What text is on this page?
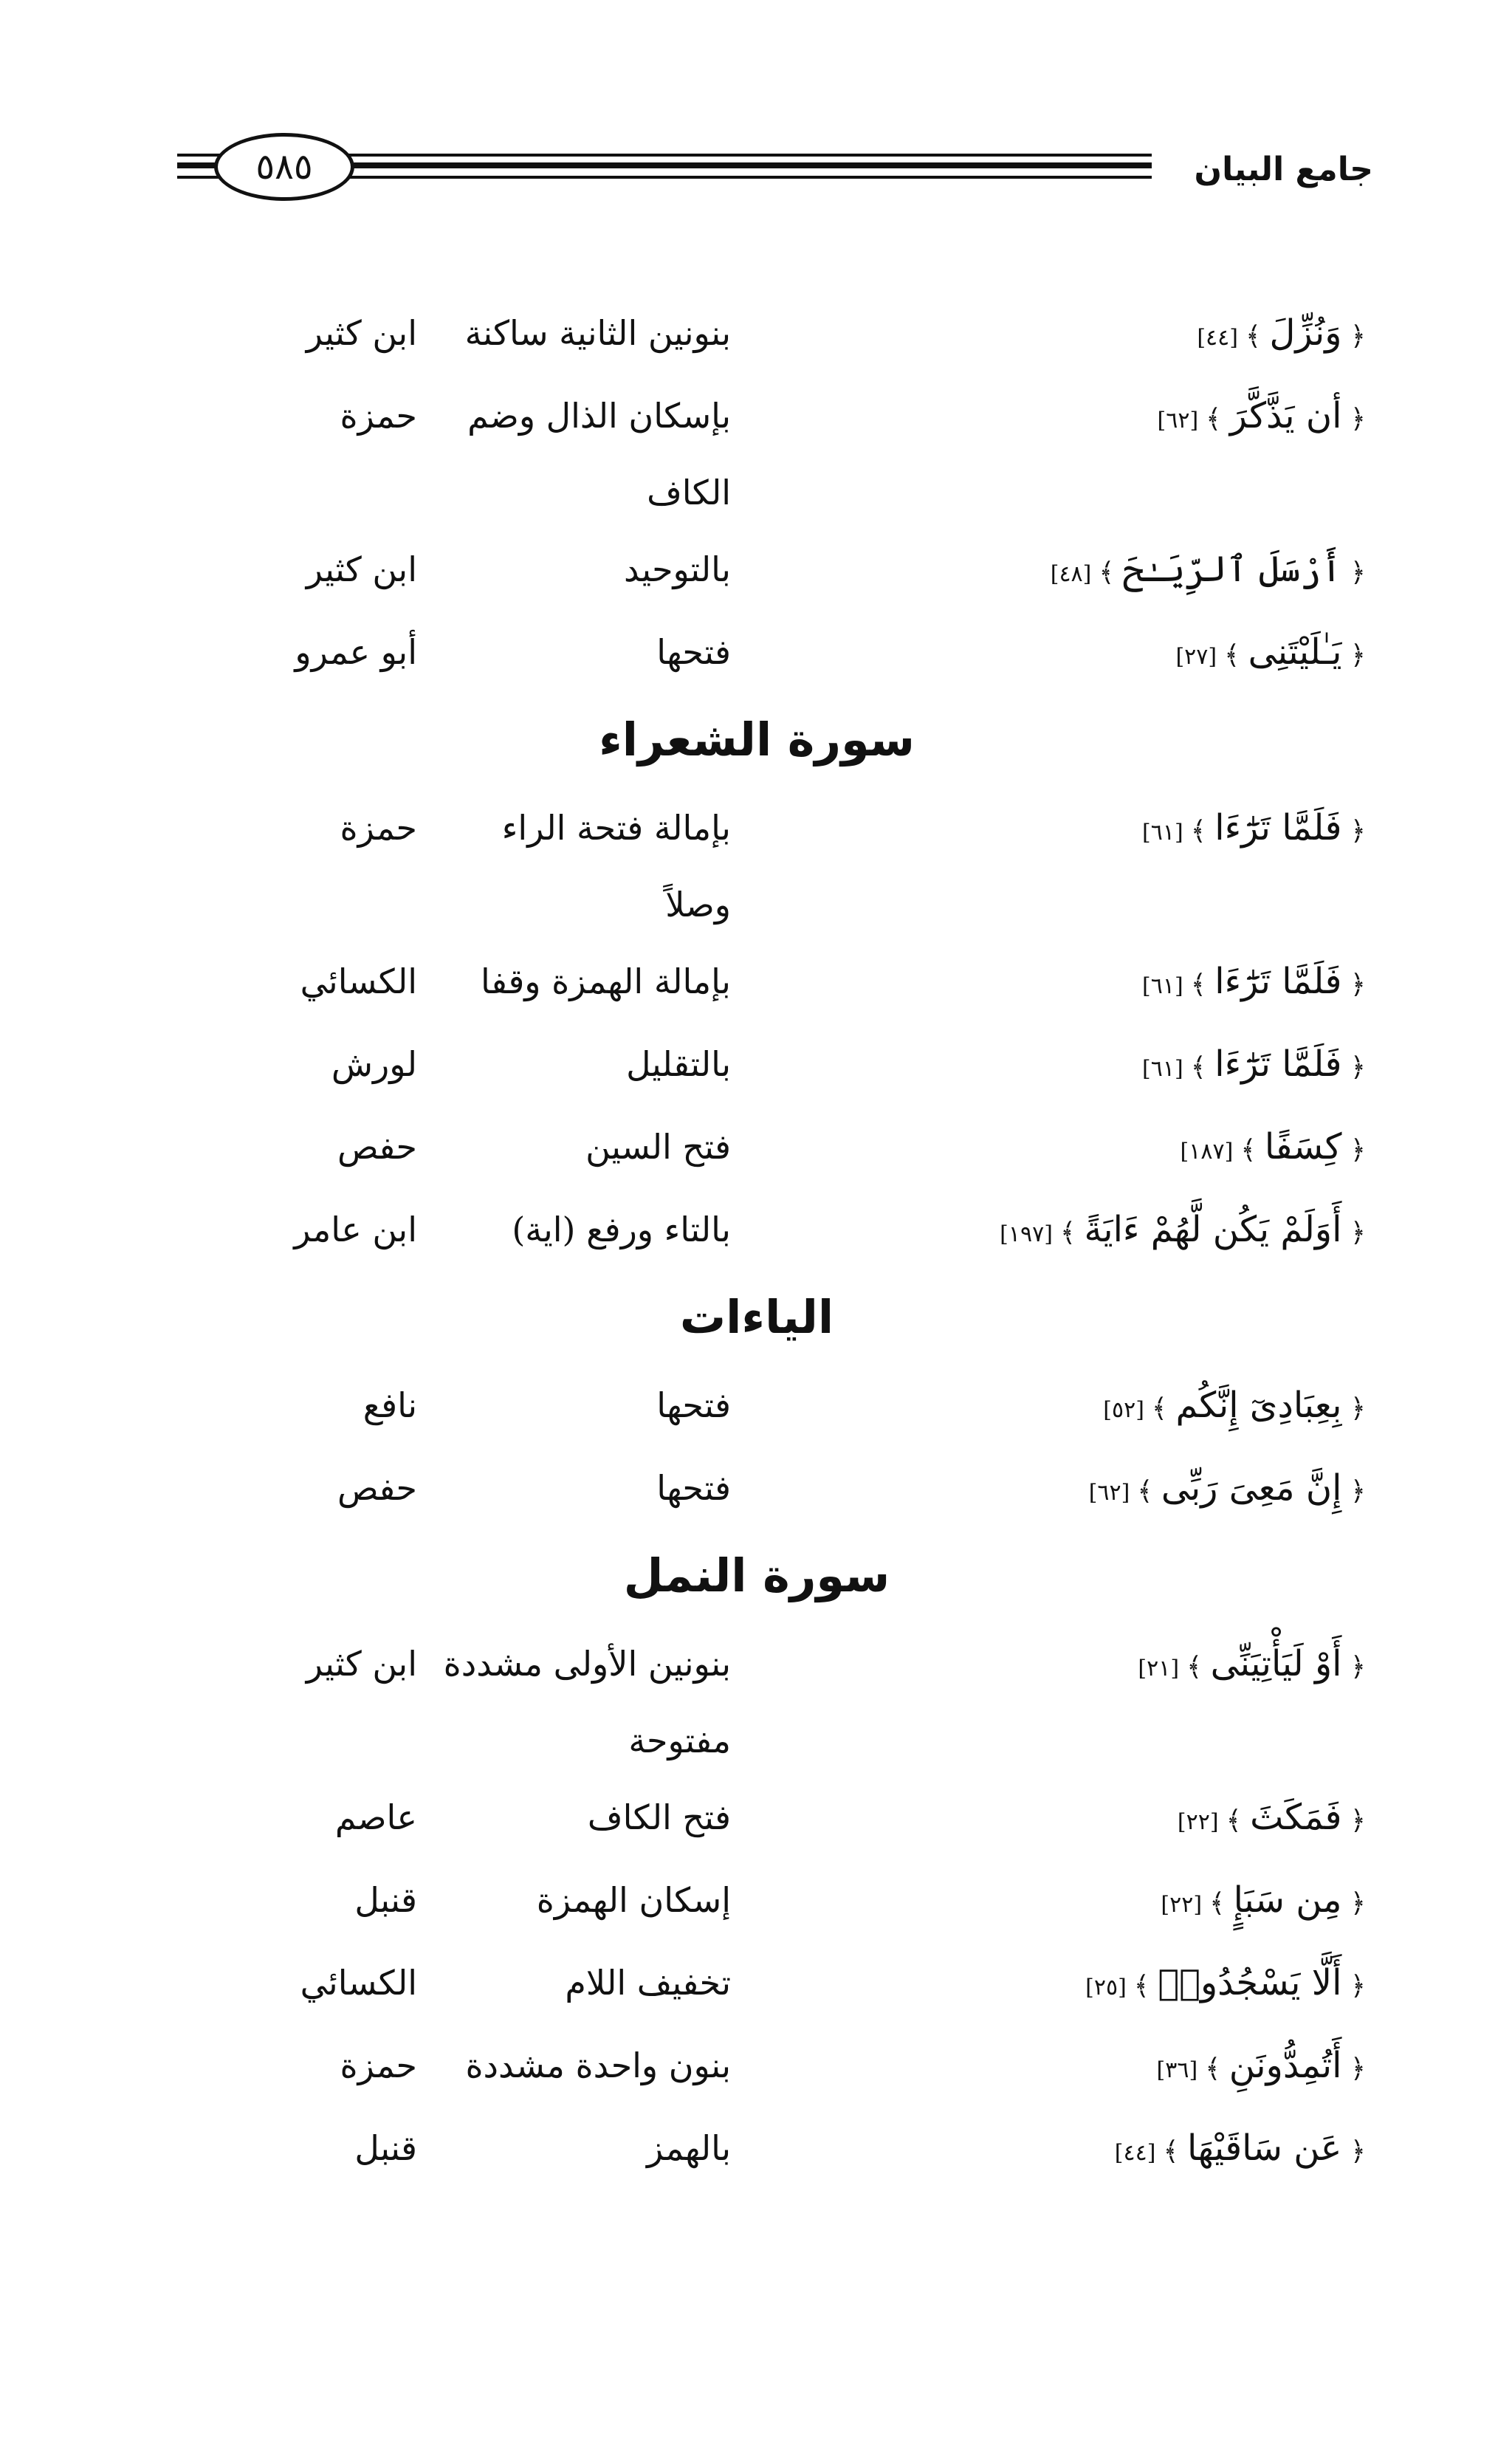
٥٨٥	جامع البيان
﴿ وَنُزِّلَ ﴾[٤٤]
بنونين الثانية ساكنة
ابن كثير
﴿ أن يَذَّكَّرَ ﴾[٦٢]
بإسكان الذال وضم
حمزة
الكاف
﴿ أَرْسَلَ ٱلرِّيَـٰحَ ﴾[٤٨]
بالتوحيد
ابن كثير
﴿ يَـٰلَيْتَنِى ﴾[٢٧]
فتحها
أبو عمرو
سورة الشعراء
﴿ فَلَمَّا تَرَٰٓءَا ﴾[٦١]
بإمالة فتحة الراء
حمزة
وصلاً
﴿ فَلَمَّا تَرَٰٓءَا ﴾[٦١]
بإمالة الهمزة وقفا
الكسائي
﴿ فَلَمَّا تَرَٰٓءَا ﴾[٦١]
بالتقليل
لورش
﴿ كِسَفًا ﴾[١٨٧]
فتح السين
حفص
﴿ أَوَلَمْ يَكُن لَّهُمْ ءَايَةً ﴾[١٩٧]
بالتاء ورفع (اية)
ابن عامر
الياءات
﴿ بِعِبَادِىٓ إِنَّكُم ﴾[٥٢]
فتحها
نافع
﴿ إِنَّ مَعِىَ رَبِّى ﴾[٦٢]
فتحها
حفص
سورة النمل
﴿ أَوْ لَيَأْتِيَنِّى ﴾[٢١]
بنونين الأولى مشددة
ابن كثير
مفتوحة
﴿ فَمَكَثَ ﴾[٢٢]
فتح الكاف
عاصم
﴿ مِن سَبَإٍ ﴾[٢٢]
إسكان الهمزة
قنبل
﴿ أَلَّا يَسْجُدُوا۟ ﴾[٢٥]
تخفيف اللام
الكسائي
﴿ أَتُمِدُّونَنِ ﴾[٣٦]
بنون واحدة مشددة
حمزة
﴿ عَن سَاقَيْهَا ﴾[٤٤]
بالهمز
قنبل
